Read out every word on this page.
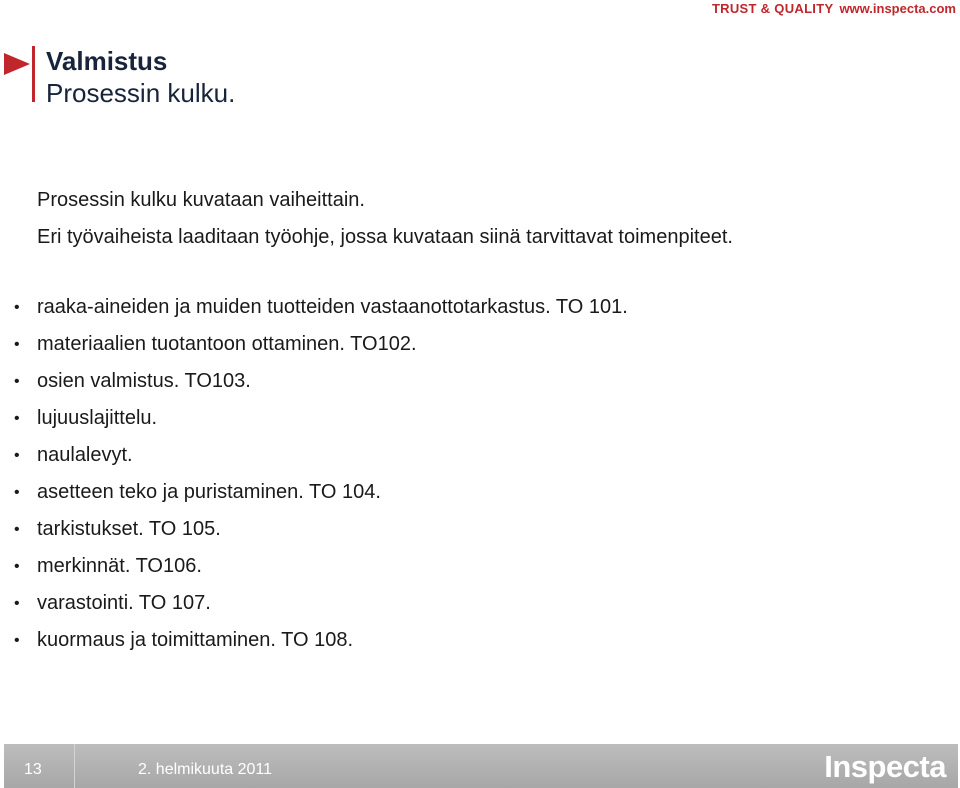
TRUST & QUALITY www.inspecta.com
Valmistus
Prosessin kulku.
Prosessin kulku kuvataan vaiheittain.
Eri työvaiheista laaditaan työohje, jossa kuvataan siinä tarvittavat toimenpiteet.
• raaka-aineiden ja muiden tuotteiden vastaanottotarkastus. TO 101.
• materiaalien tuotantoon ottaminen. TO102.
• osien valmistus. TO103.
• lujuuslajittelu.
• naulalevyt.
• asetteen teko ja puristaminen. TO 104.
• tarkistukset. TO 105.
• merkinnät. TO106.
• varastointi. TO 107.
• kuormaus ja toimittaminen. TO 108.
13	2. helmikuuta 2011	Inspecta
